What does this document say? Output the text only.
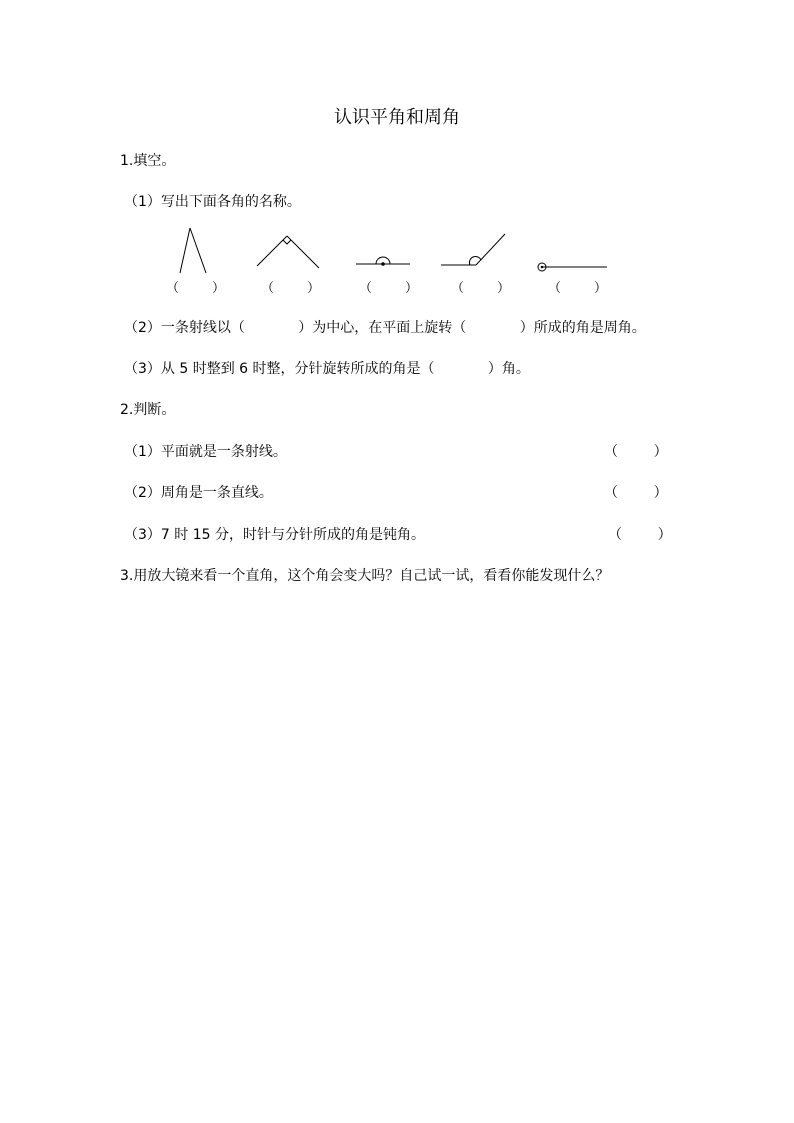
认识平角和周角
1.填空。
（1）写出下面各角的名称。
（        ）	（        ）	（        ）	（        ）	（        ）
（2）一条射线以（            ）为中心，在平面上旋转（            ）所成的角是周角。
（3）从 5 时整到 6 时整，分针旋转所成的角是（            ）角。
2.判断。
（1）平面就是一条射线。	（        ）
（2）周角是一条直线。	（        ）
（3）7 时 15 分，时针与分针所成的角是钝角。	（        ）
3.用放大镜来看一个直角，这个角会变大吗？自己试一试，看看你能发现什么？
